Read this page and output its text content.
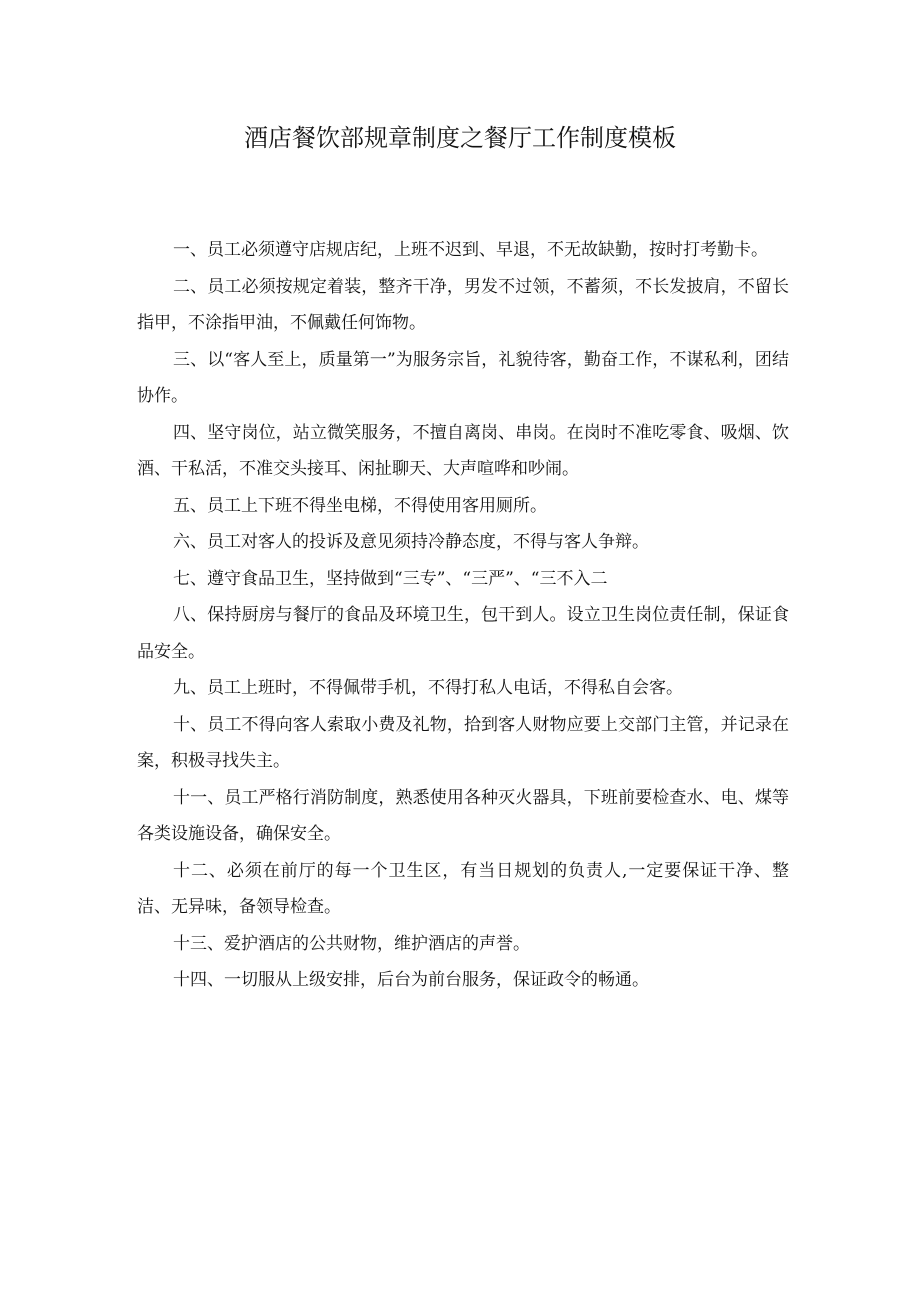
酒店餐饮部规章制度之餐厅工作制度模板

一、员工必须遵守店规店纪，上班不迟到、早退，不无故缺勤，按时打考勤卡。

二、员工必须按规定着装，整齐干净，男发不过领，不蓄须，不长发披肩，不留长指甲，不涂指甲油，不佩戴任何饰物。

三、以“客人至上，质量第一”为服务宗旨，礼貌待客，勤奋工作，不谋私利，团结协作。

四、坚守岗位，站立微笑服务，不擅自离岗、串岗。在岗时不准吃零食、吸烟、饮酒、干私活，不准交头接耳、闲扯聊天、大声喧哗和吵闹。

五、员工上下班不得坐电梯，不得使用客用厕所。

六、员工对客人的投诉及意见须持冷静态度，不得与客人争辩。

七、遵守食品卫生，坚持做到“三专”、“三严”、“三不入二

八、保持厨房与餐厅的食品及环境卫生，包干到人。设立卫生岗位责任制，保证食品安全。

九、员工上班时，不得佩带手机，不得打私人电话，不得私自会客。

十、员工不得向客人索取小费及礼物，拾到客人财物应要上交部门主管，并记录在案，积极寻找失主。

十一、员工严格行消防制度，熟悉使用各种灭火器具，下班前要检查水、电、煤等各类设施设备，确保安全。

十二、必须在前厅的每一个卫生区，有当日规划的负责人,一定要保证干净、整洁、无异味，备领导检查。

十三、爱护酒店的公共财物，维护酒店的声誉。

十四、一切服从上级安排，后台为前台服务，保证政令的畅通。
